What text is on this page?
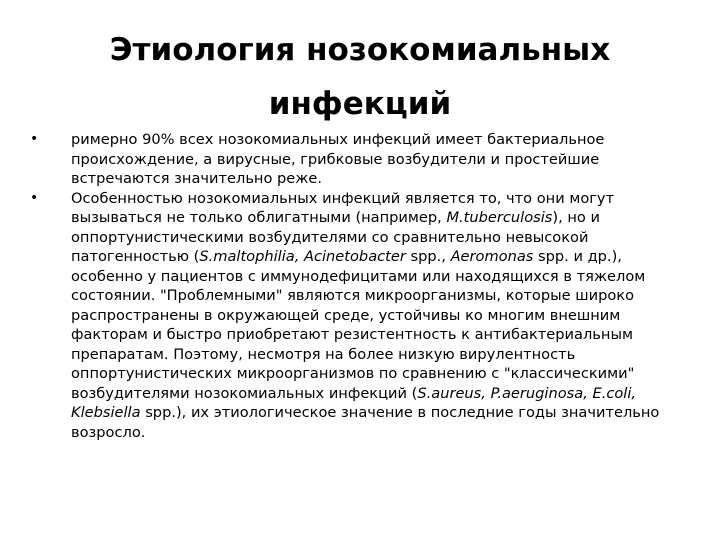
Этиология нозокомиальных
инфекций
•	римерно 90% всех нозокомиальных инфекций имеет бактериальное происхождение, а вирусные, грибковые возбудители и простейшие встречаются значительно реже.
•	Особенностью нозокомиальных инфекций является то, что они могут вызываться не только облигатными (например, M.tuberculosis), но и оппортунистическими возбудителями со сравнительно невысокой патогенностью (S.maltophilia, Acinetobacter spp., Aeromonas spp. и др.), особенно у пациентов с иммунодефицитами или находящихся в тяжелом состоянии. "Проблемными" являются микроорганизмы, которые широко распространены в окружающей среде, устойчивы ко многим внешним факторам и быстро приобретают резистентность к антибактериальным препаратам. Поэтому, несмотря на более низкую вирулентность оппортунистических микроорганизмов по сравнению с "классическими" возбудителями нозокомиальных инфекций (S.aureus, P.aeruginosa, E.coli, Klebsiella spp.), их этиологическое значение в последние годы значительно возросло.
